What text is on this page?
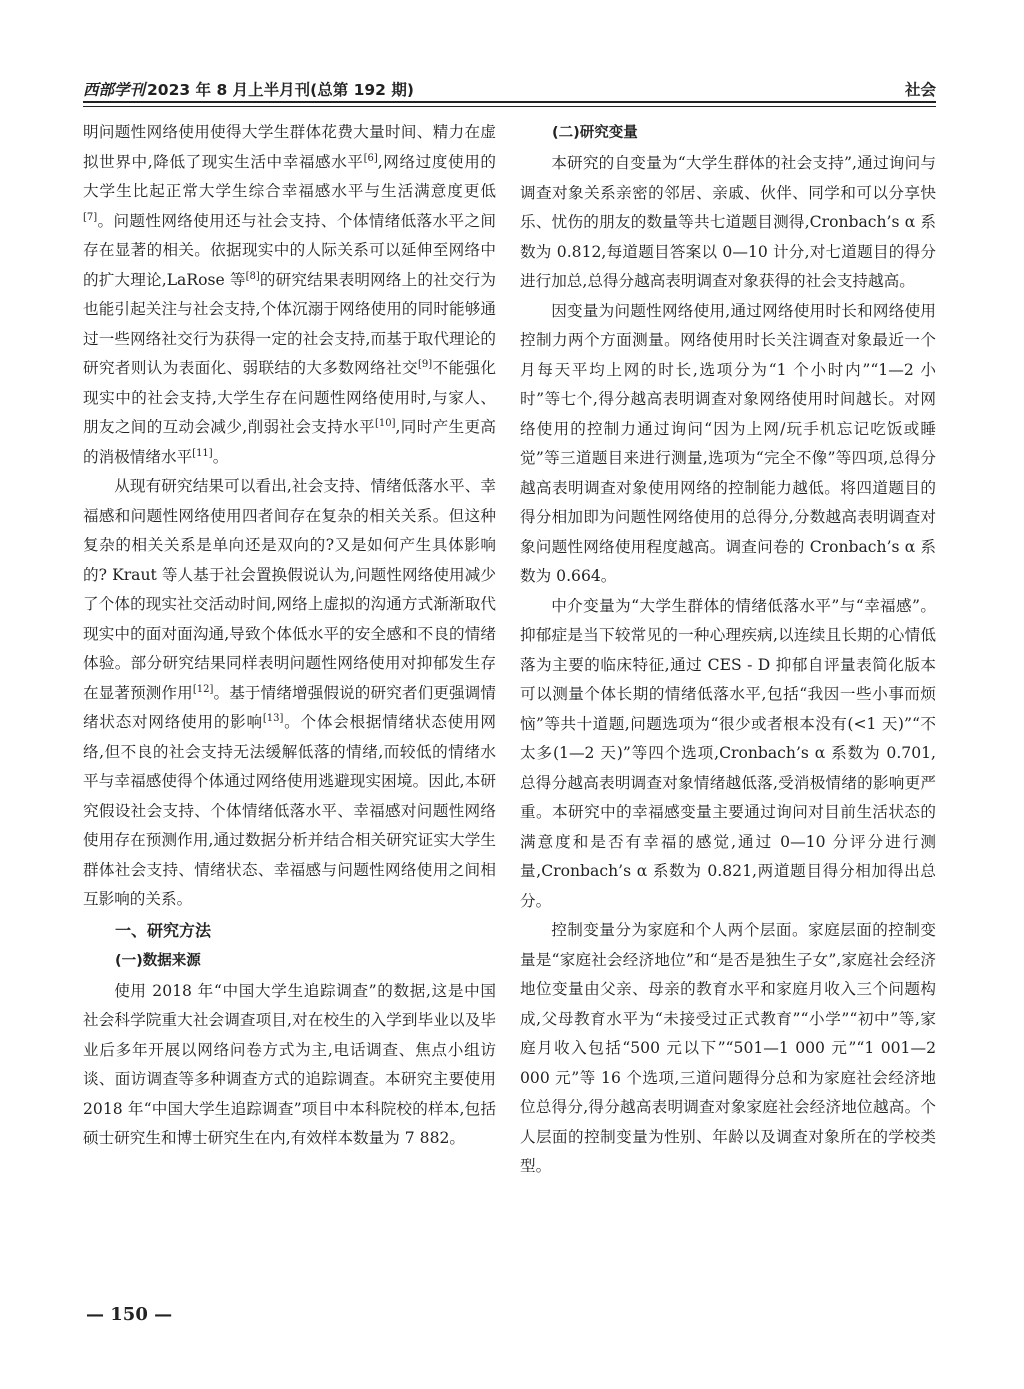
西部学刊 2023 年 8 月上半月刊(总第 192 期)	社会

明问题性网络使用使得大学生群体花费大量时间、精力在虚拟世界中,降低了现实生活中幸福感水平[6],网络过度使用的大学生比起正常大学生综合幸福感水平与生活满意度更低[7]。问题性网络使用还与社会支持、个体情绪低落水平之间存在显著的相关。依据现实中的人际关系可以延伸至网络中的扩大理论,LaRose 等[8]的研究结果表明网络上的社交行为也能引起关注与社会支持,个体沉溺于网络使用的同时能够通过一些网络社交行为获得一定的社会支持,而基于取代理论的研究者则认为表面化、弱联结的大多数网络社交[9]不能强化现实中的社会支持,大学生存在问题性网络使用时,与家人、朋友之间的互动会减少,削弱社会支持水平[10],同时产生更高的消极情绪水平[11]。

从现有研究结果可以看出,社会支持、情绪低落水平、幸福感和问题性网络使用四者间存在复杂的相关关系。但这种复杂的相关关系是单向还是双向的?又是如何产生具体影响的? Kraut 等人基于社会置换假说认为,问题性网络使用减少了个体的现实社交活动时间,网络上虚拟的沟通方式渐渐取代现实中的面对面沟通,导致个体低水平的安全感和不良的情绪体验。部分研究结果同样表明问题性网络使用对抑郁发生存在显著预测作用[12]。基于情绪增强假说的研究者们更强调情绪状态对网络使用的影响[13]。个体会根据情绪状态使用网络,但不良的社会支持无法缓解低落的情绪,而较低的情绪水平与幸福感使得个体通过网络使用逃避现实困境。因此,本研究假设社会支持、个体情绪低落水平、幸福感对问题性网络使用存在预测作用,通过数据分析并结合相关研究证实大学生群体社会支持、情绪状态、幸福感与问题性网络使用之间相互影响的关系。

一、研究方法

(一)数据来源

使用 2018 年“中国大学生追踪调查”的数据,这是中国社会科学院重大社会调查项目,对在校生的入学到毕业以及毕业后多年开展以网络问卷方式为主,电话调查、焦点小组访谈、面访调查等多种调查方式的追踪调查。本研究主要使用 2018 年“中国大学生追踪调查”项目中本科院校的样本,包括硕士研究生和博士研究生在内,有效样本数量为 7 882。

(二)研究变量

本研究的自变量为“大学生群体的社会支持”,通过询问与调查对象关系亲密的邻居、亲戚、伙伴、同学和可以分享快乐、忧伤的朋友的数量等共七道题目测得,Cronbach’s α 系数为 0.812,每道题目答案以 0—10 计分,对七道题目的得分进行加总,总得分越高表明调查对象获得的社会支持越高。

因变量为问题性网络使用,通过网络使用时长和网络使用控制力两个方面测量。网络使用时长关注调查对象最近一个月每天平均上网的时长,选项分为“1 个小时内”“1—2 小时”等七个,得分越高表明调查对象网络使用时间越长。对网络使用的控制力通过询问“因为上网/玩手机忘记吃饭或睡觉”等三道题目来进行测量,选项为“完全不像”等四项,总得分越高表明调查对象使用网络的控制能力越低。将四道题目的得分相加即为问题性网络使用的总得分,分数越高表明调查对象问题性网络使用程度越高。调查问卷的 Cronbach’s α 系数为 0.664。

中介变量为“大学生群体的情绪低落水平”与“幸福感”。抑郁症是当下较常见的一种心理疾病,以连续且长期的心情低落为主要的临床特征,通过 CES - D 抑郁自评量表简化版本可以测量个体长期的情绪低落水平,包括“我因一些小事而烦恼”等共十道题,问题选项为“很少或者根本没有(<1 天)”“不太多(1—2 天)”等四个选项,Cronbach’s α 系数为 0.701,总得分越高表明调查对象情绪越低落,受消极情绪的影响更严重。本研究中的幸福感变量主要通过询问对目前生活状态的满意度和是否有幸福的感觉,通过 0—10 分评分进行测量,Cronbach’s α 系数为 0.821,两道题目得分相加得出总分。

控制变量分为家庭和个人两个层面。家庭层面的控制变量是“家庭社会经济地位”和“是否是独生子女”,家庭社会经济地位变量由父亲、母亲的教育水平和家庭月收入三个问题构成,父母教育水平为“未接受过正式教育”“小学”“初中”等,家庭月收入包括“500 元以下”“501—1 000 元”“1 001—2 000 元”等 16 个选项,三道问题得分总和为家庭社会经济地位总得分,得分越高表明调查对象家庭社会经济地位越高。个人层面的控制变量为性别、年龄以及调查对象所在的学校类型。

— 150 —
